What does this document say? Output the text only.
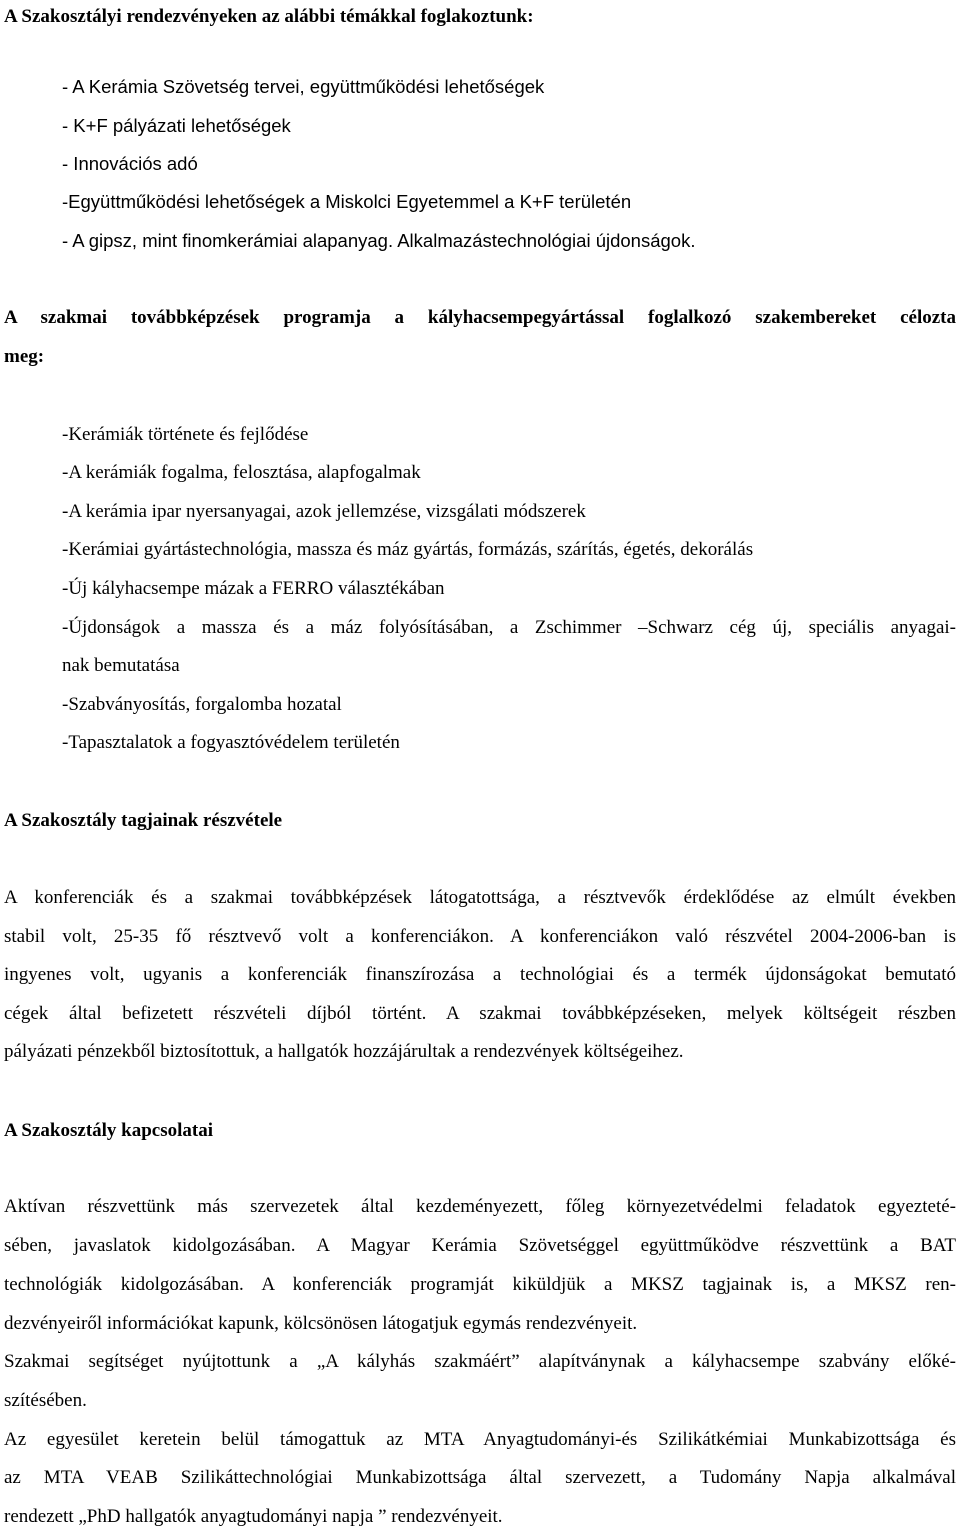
A Szakosztályi rendezvényeken az alábbi témákkal foglakoztunk:
- A Kerámia Szövetség tervei, együttműködési lehetőségek
- K+F pályázati lehetőségek
- Innovációs adó
-Együttműködési lehetőségek a Miskolci Egyetemmel a K+F területén
- A gipsz, mint finomkerámiai alapanyag. Alkalmazástechnológiai újdonságok.
A szakmai továbbképzések programja a kályhacsempegyártással foglalkozó szakembereket célozta
meg:
-Kerámiák története és fejlődése
-A kerámiák fogalma, felosztása, alapfogalmak
-A kerámia ipar nyersanyagai, azok jellemzése, vizsgálati módszerek
-Kerámiai gyártástechnológia, massza és máz gyártás, formázás, szárítás, égetés, dekorálás
-Új kályhacsempe mázak a FERRO választékában
-Újdonságok a massza és a máz folyósításában, a Zschimmer –Schwarz cég új, speciális anyagai-
nak bemutatása
-Szabványosítás, forgalomba hozatal
-Tapasztalatok a fogyasztóvédelem területén
A Szakosztály tagjainak részvétele
A konferenciák és a szakmai továbbképzések látogatottsága, a résztvevők érdeklődése az elmúlt években
stabil volt, 25-35 fő résztvevő volt a konferenciákon. A konferenciákon való részvétel 2004-2006-ban is
ingyenes volt, ugyanis a konferenciák finanszírozása a technológiai és a termék újdonságokat bemutató
cégek által befizetett részvételi díjból történt. A szakmai továbbképzéseken, melyek költségeit részben
pályázati pénzekből biztosítottuk, a hallgatók hozzájárultak a rendezvények költségeihez.
A Szakosztály kapcsolatai
Aktívan részvettünk más szervezetek által kezdeményezett, főleg környezetvédelmi feladatok egyezteté-
sében, javaslatok kidolgozásában. A Magyar Kerámia Szövetséggel együttműködve részvettünk a BAT
technológiák kidolgozásában. A konferenciák programját kiküldjük a MKSZ tagjainak is, a MKSZ ren-
dezvényeiről információkat kapunk, kölcsönösen látogatjuk egymás rendezvényeit.
Szakmai segítséget nyújtottunk a „A kályhás szakmáért” alapítványnak a kályhacsempe szabvány előké-
szítésében.
Az egyesület keretein belül támogattuk az MTA Anyagtudományi-és Szilikátkémiai Munkabizottsága és
az MTA VEAB Szilikáttechnológiai Munkabizottsága által szervezett, a Tudomány Napja alkalmával
rendezett „PhD hallgatók anyagtudományi napja ” rendezvényeit.
